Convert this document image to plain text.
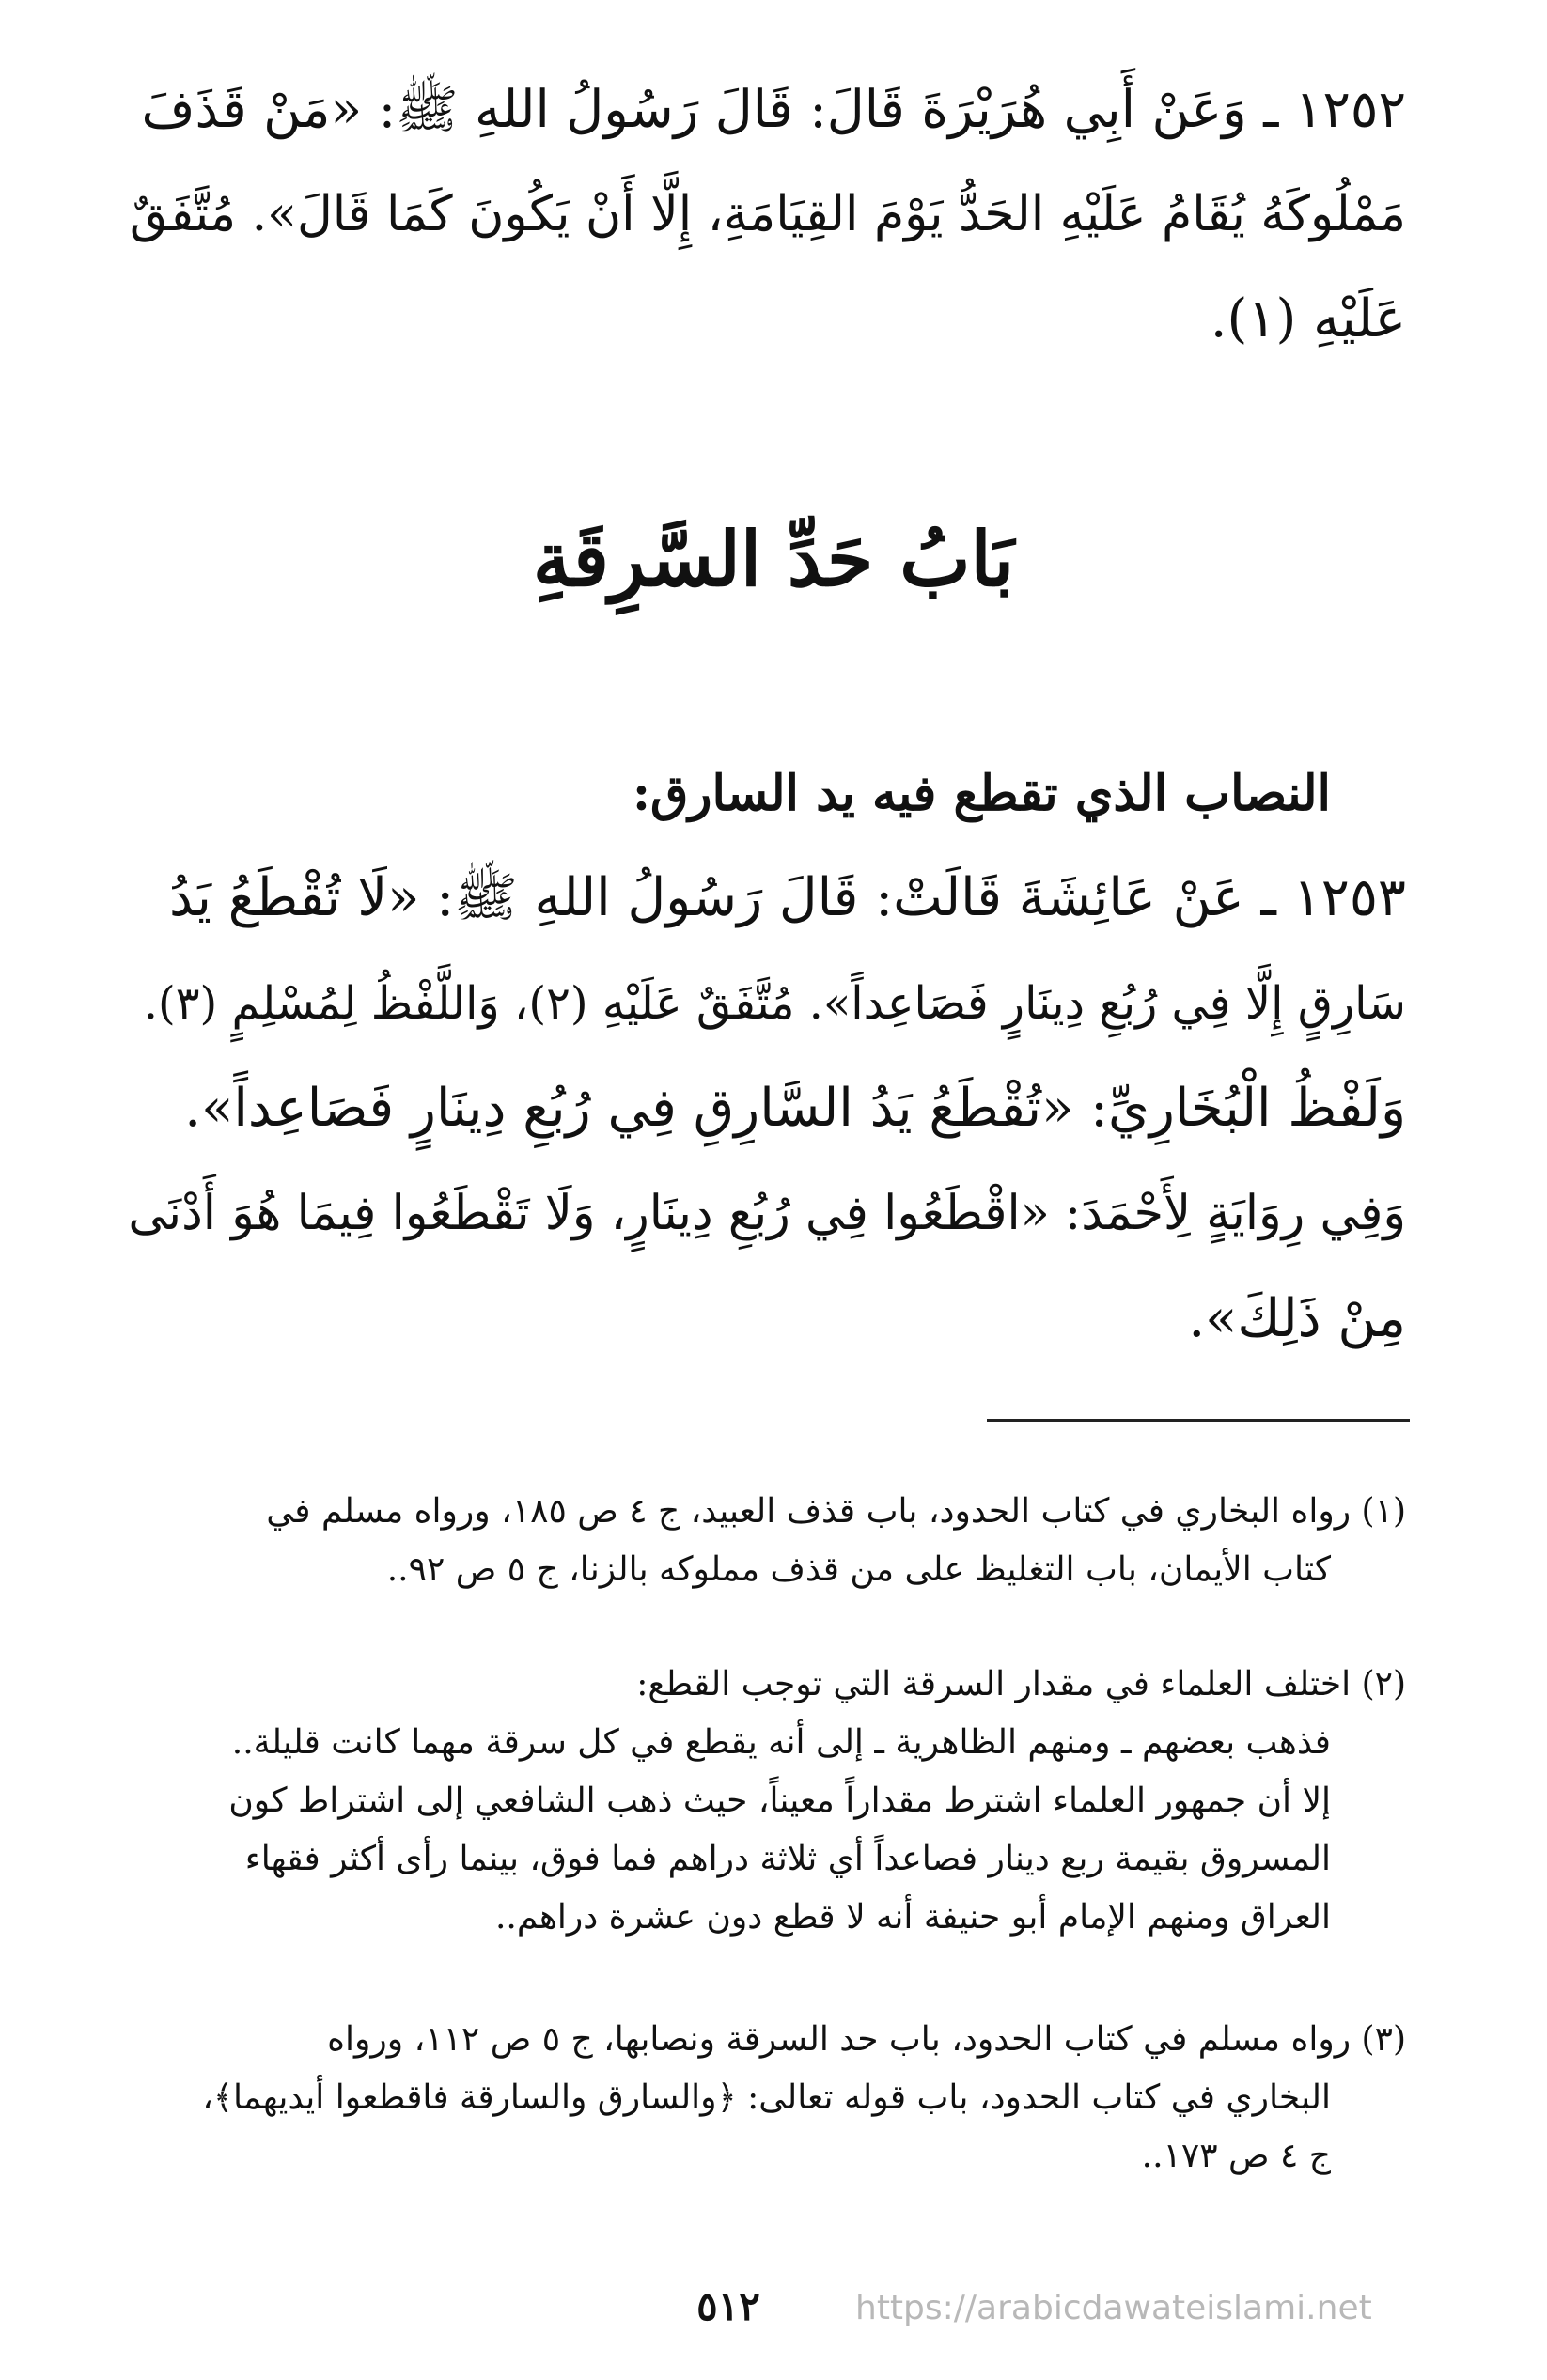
١٢٥٢ ـ وَعَنْ أَبِي هُرَيْرَةَ قَالَ: قَالَ رَسُولُ اللهِ ﷺ: «مَنْ قَذَفَ
مَمْلُوكَهُ يُقَامُ عَلَيْهِ الحَدُّ يَوْمَ القِيَامَةِ، إِلَّا أَنْ يَكُونَ كَمَا قَالَ». مُتَّفَقٌ
عَلَيْهِ (١).
بَابُ حَدِّ السَّرِقَةِ
النصاب الذي تقطع فيه يد السارق:
١٢٥٣ ـ عَنْ عَائِشَةَ قَالَتْ: قَالَ رَسُولُ اللهِ ﷺ: «لَا تُقْطَعُ يَدُ
سَارِقٍ إِلَّا فِي رُبُعِ دِينَارٍ فَصَاعِداً». مُتَّفَقٌ عَلَيْهِ (٢)، وَاللَّفْظُ لِمُسْلِمٍ (٣).
وَلَفْظُ الْبُخَارِيِّ: «تُقْطَعُ يَدُ السَّارِقِ فِي رُبُعِ دِينَارٍ فَصَاعِداً».
وَفِي رِوَايَةٍ لِأَحْمَدَ: «اقْطَعُوا فِي رُبُعِ دِينَارٍ، وَلَا تَقْطَعُوا فِيمَا هُوَ أَدْنَى
مِنْ ذَلِكَ».
(١) رواه البخاري في كتاب الحدود، باب قذف العبيد، ج ٤ ص ١٨٥، ورواه مسلم في
كتاب الأيمان، باب التغليظ على من قذف مملوكه بالزنا، ج ٥ ص ٩٢..
(٢) اختلف العلماء في مقدار السرقة التي توجب القطع:
فذهب بعضهم ـ ومنهم الظاهرية ـ إلى أنه يقطع في كل سرقة مهما كانت قليلة..
إلا أن جمهور العلماء اشترط مقداراً معيناً، حيث ذهب الشافعي إلى اشتراط كون
المسروق بقيمة ربع دينار فصاعداً أي ثلاثة دراهم فما فوق، بينما رأى أكثر فقهاء
العراق ومنهم الإمام أبو حنيفة أنه لا قطع دون عشرة دراهم..
(٣) رواه مسلم في كتاب الحدود، باب حد السرقة ونصابها، ج ٥ ص ١١٢، ورواه
البخاري في كتاب الحدود، باب قوله تعالى: ﴿والسارق والسارقة فاقطعوا أيديهما﴾،
ج ٤ ص ١٧٣..
٥١٢	https://arabicdawateislami.net
